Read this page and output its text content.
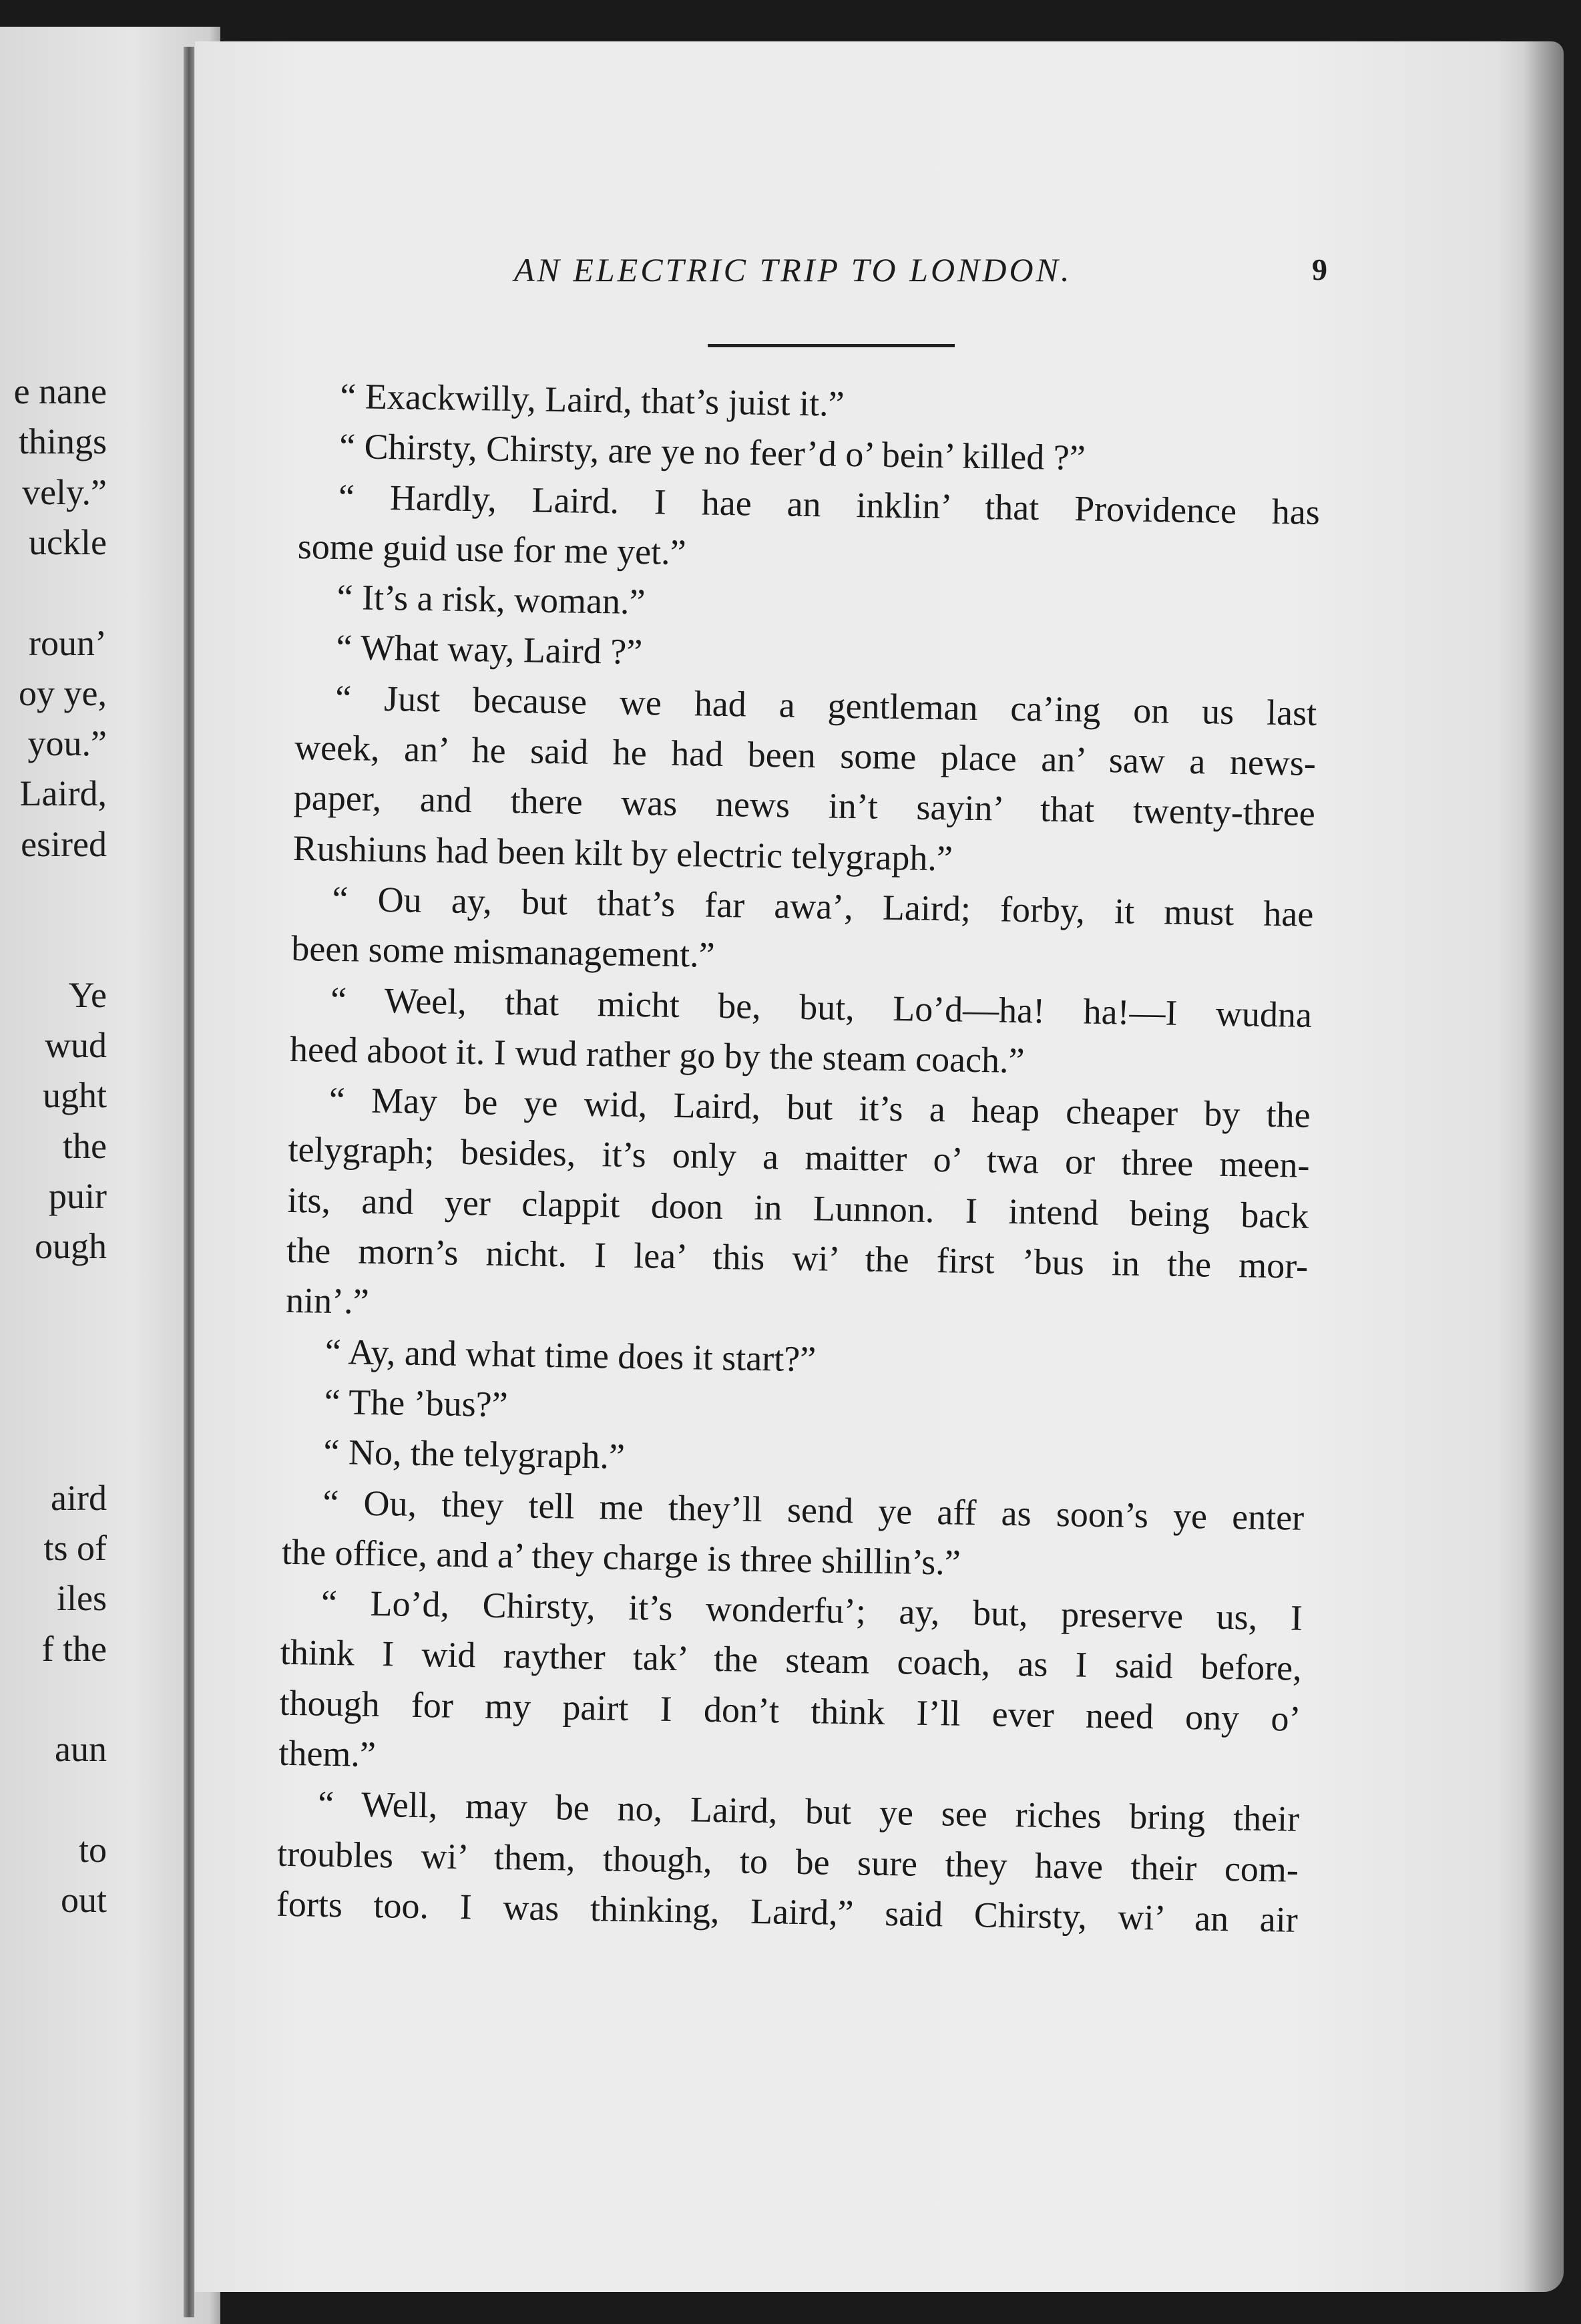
AN ELECTRIC TRIP TO LONDON.	9
“ Exackwilly, Laird, that’s juist it.”
“ Chirsty, Chirsty, are ye no feer’d o’ bein’ killed ?”
“ Hardly, Laird. I hae an inklin’ that Providence has
some guid use for me yet.”
“ It’s a risk, woman.”
“ What way, Laird ?”
“ Just because we had a gentleman ca’ing on us last
week, an’ he said he had been some place an’ saw a news-
paper, and there was news in’t sayin’ that twenty-three
Rushiuns had been kilt by electric telygraph.”
“ Ou ay, but that’s far awa’, Laird; forby, it must hae
been some mismanagement.”
“ Weel, that micht be, but, Lo’d—ha! ha!—I wudna
heed aboot it. I wud rather go by the steam coach.”
“ May be ye wid, Laird, but it’s a heap cheaper by the
telygraph; besides, it’s only a maitter o’ twa or three meen-
its, and yer clappit doon in Lunnon. I intend being back
the morn’s nicht. I lea’ this wi’ the first ’bus in the mor-
nin’.”
“ Ay, and what time does it start?”
“ The ’bus?”
“ No, the telygraph.”
“ Ou, they tell me they’ll send ye aff as soon’s ye enter
the office, and a’ they charge is three shillin’s.”
“ Lo’d, Chirsty, it’s wonderfu’; ay, but, preserve us, I
think I wid rayther tak’ the steam coach, as I said before,
though for my pairt I don’t think I’ll ever need ony o’
them.”
“ Well, may be no, Laird, but ye see riches bring their
troubles wi’ them, though, to be sure they have their com-
forts too. I was thinking, Laird,” said Chirsty, wi’ an air
e nane
things
vely.”
uckle
roun’
oy ye,
you.”
Laird,
esired
Ye
wud
ught
the
puir
ough
aird
ts of
iles
f the
aun
to
out
